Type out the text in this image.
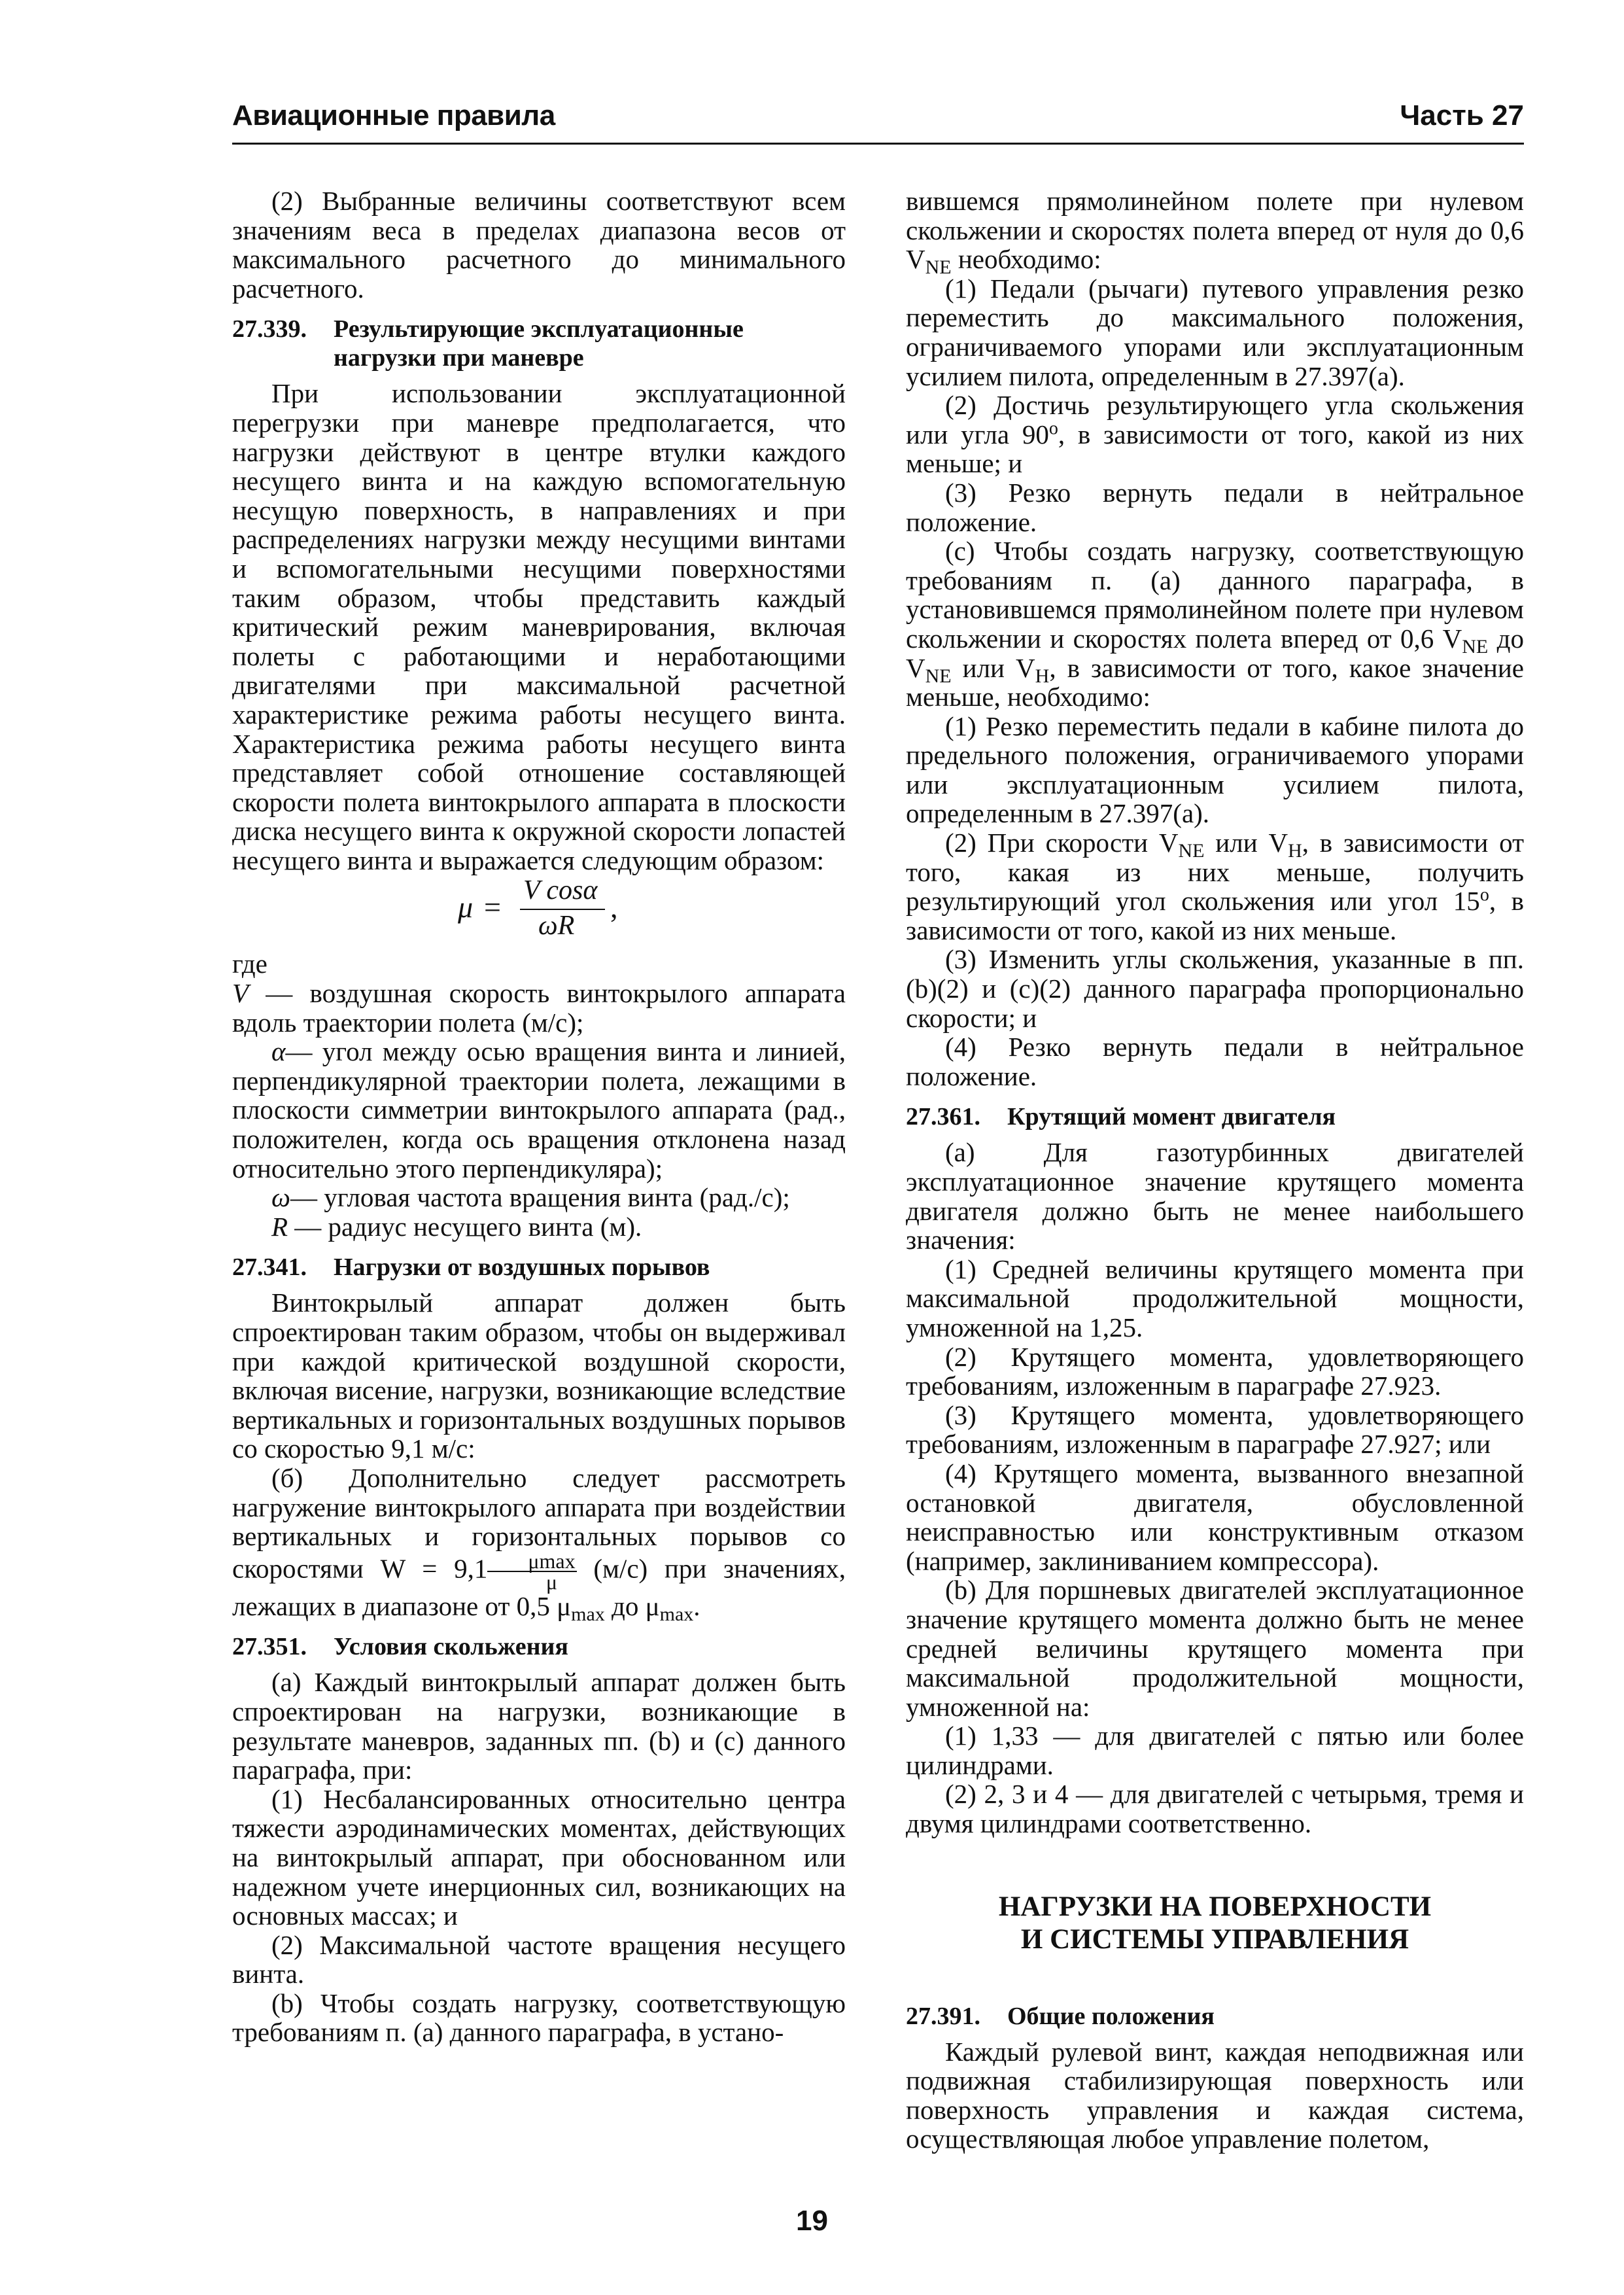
Авиационные правила	Часть 27

(2) Выбранные величины соответствуют всем значениям веса в пределах диапазона весов от максимального расчетного до минимального расчетного.

27.339. Результирующие эксплуатационные нагрузки при маневре

При использовании эксплуатационной перегрузки при маневре предполагается, что нагрузки действуют в центре втулки каждого несущего винта и на каждую вспомогательную несущую поверхность, в направлениях и при распределениях нагрузки между несущими винтами и вспомогательными несущими поверхностями таким образом, чтобы представить каждый критический режим маневрирования, включая полеты с работающими и неработающими двигателями при максимальной расчетной характеристике режима работы несущего винта. Характеристика режима работы несущего винта представляет собой отношение составляющей скорости полета винтокрылого аппарата в плоскости диска несущего винта к окружной скорости лопастей несущего винта и выражается следующим образом:

μ = V cosα
ωR
,

где

V — воздушная скорость винтокрылого аппарата вдоль траектории полета (м/с);

α— угол между осью вращения винта и линией, перпендикулярной траектории полета, лежащими в плоскости симметрии винтокрылого аппарата (рад., положителен, когда ось вращения отклонена назад относительно этого перпендикуляра);

ω— угловая частота вращения винта (рад./с);

R — радиус несущего винта (м).

27.341. Нагрузки от воздушных порывов

Винтокрылый аппарат должен быть спроектирован таким образом, чтобы он выдерживал при каждой критической воздушной скорости, включая висение, нагрузки, возникающие вследствие вертикальных и горизонтальных воздушных порывов со скоростью 9,1 м/с:

(б) Дополнительно следует рассмотреть нагружение винтокрылого аппарата при воздействии вертикальных и горизонтальных порывов со скоростями $W = 9,1 \frac{\mu\max}{\mu} (м/с)$ при значениях, лежащих в диапазоне от 0,5 $\mu_{max}$ до $\mu_{max}$.

27.351. Условия скольжения

(a) Каждый винтокрылый аппарат должен быть спроектирован на нагрузки, возникающие в результате маневров, заданных пп. (b) и (c) данного параграфа, при:

(1) Несбалансированных относительно центра тяжести аэродинамических моментах, действующих на винтокрылый аппарат, при обоснованном или надежном учете инерционных сил, возникающих на основных массах; и

(2) Максимальной частоте вращения несущего винта.

(b) Чтобы создать нагрузку, соответствующую требованиям п. (a) данного параграфа, в устано-

вившемся прямолинейном полете при нулевом скольжении и скоростях полета вперед от нуля до 0,6 $V_{NE}$ необходимо:

(1) Педали (рычаги) путевого управления резко переместить до максимального положения, ограничиваемого упорами или эксплуатационным усилием пилота, определенным в 27.397(a).

(2) Достичь результирующего угла скольжения или угла $90^о$, в зависимости от того, какой из них меньше; и

(3) Резко вернуть педали в нейтральное положение.

(c) Чтобы создать нагрузку, соответствующую требованиям п. (a) данного параграфа, в установившемся прямолинейном полете при нулевом скольжении и скоростях полета вперед от 0,6 $V_{NE}$ до $V_{NE}$ или $V_H$, в зависимости от того, какое значение меньше, необходимо:

(1) Резко переместить педали в кабине пилота до предельного положения, ограничиваемого упорами или эксплуатационным усилием пилота, определенным в 27.397(a).

(2) При скорости $V_{NE}$ или $V_H$, в зависимости от того, какая из них меньше, получить результирующий угол скольжения или угол $15^о$, в зависимости от того, какой из них меньше.

(3) Изменить углы скольжения, указанные в пп. (b)(2) и (c)(2) данного параграфа пропорционально скорости; и

(4) Резко вернуть педали в нейтральное положение.

27.361. Крутящий момент двигателя

(a) Для газотурбинных двигателей эксплуатационное значение крутящего момента двигателя должно быть не менее наибольшего значения:

(1) Средней величины крутящего момента при максимальной продолжительной мощности, умноженной на 1,25.

(2) Крутящего момента, удовлетворяющего требованиям, изложенным в параграфе 27.923.

(3) Крутящего момента, удовлетворяющего требованиям, изложенным в параграфе 27.927; или

(4) Крутящего момента, вызванного внезапной остановкой двигателя, обусловленной неисправностью или конструктивным отказом (например, заклиниванием компрессора).

(b) Для поршневых двигателей эксплуатационное значение крутящего момента должно быть не менее средней величины крутящего момента при максимальной продолжительной мощности, умноженной на:

(1) 1,33 — для двигателей с пятью или более цилиндрами.

(2) 2, 3 и 4 — для двигателей с четырьмя, тремя и двумя цилиндрами соответственно.

НАГРУЗКИ НА ПОВЕРХНОСТИ
И СИСТЕМЫ УПРАВЛЕНИЯ
27.391. Общие положения

Каждый рулевой винт, каждая неподвижная или подвижная стабилизирующая поверхность или поверхность управления и каждая система, осуществляющая любое управление полетом,

19
